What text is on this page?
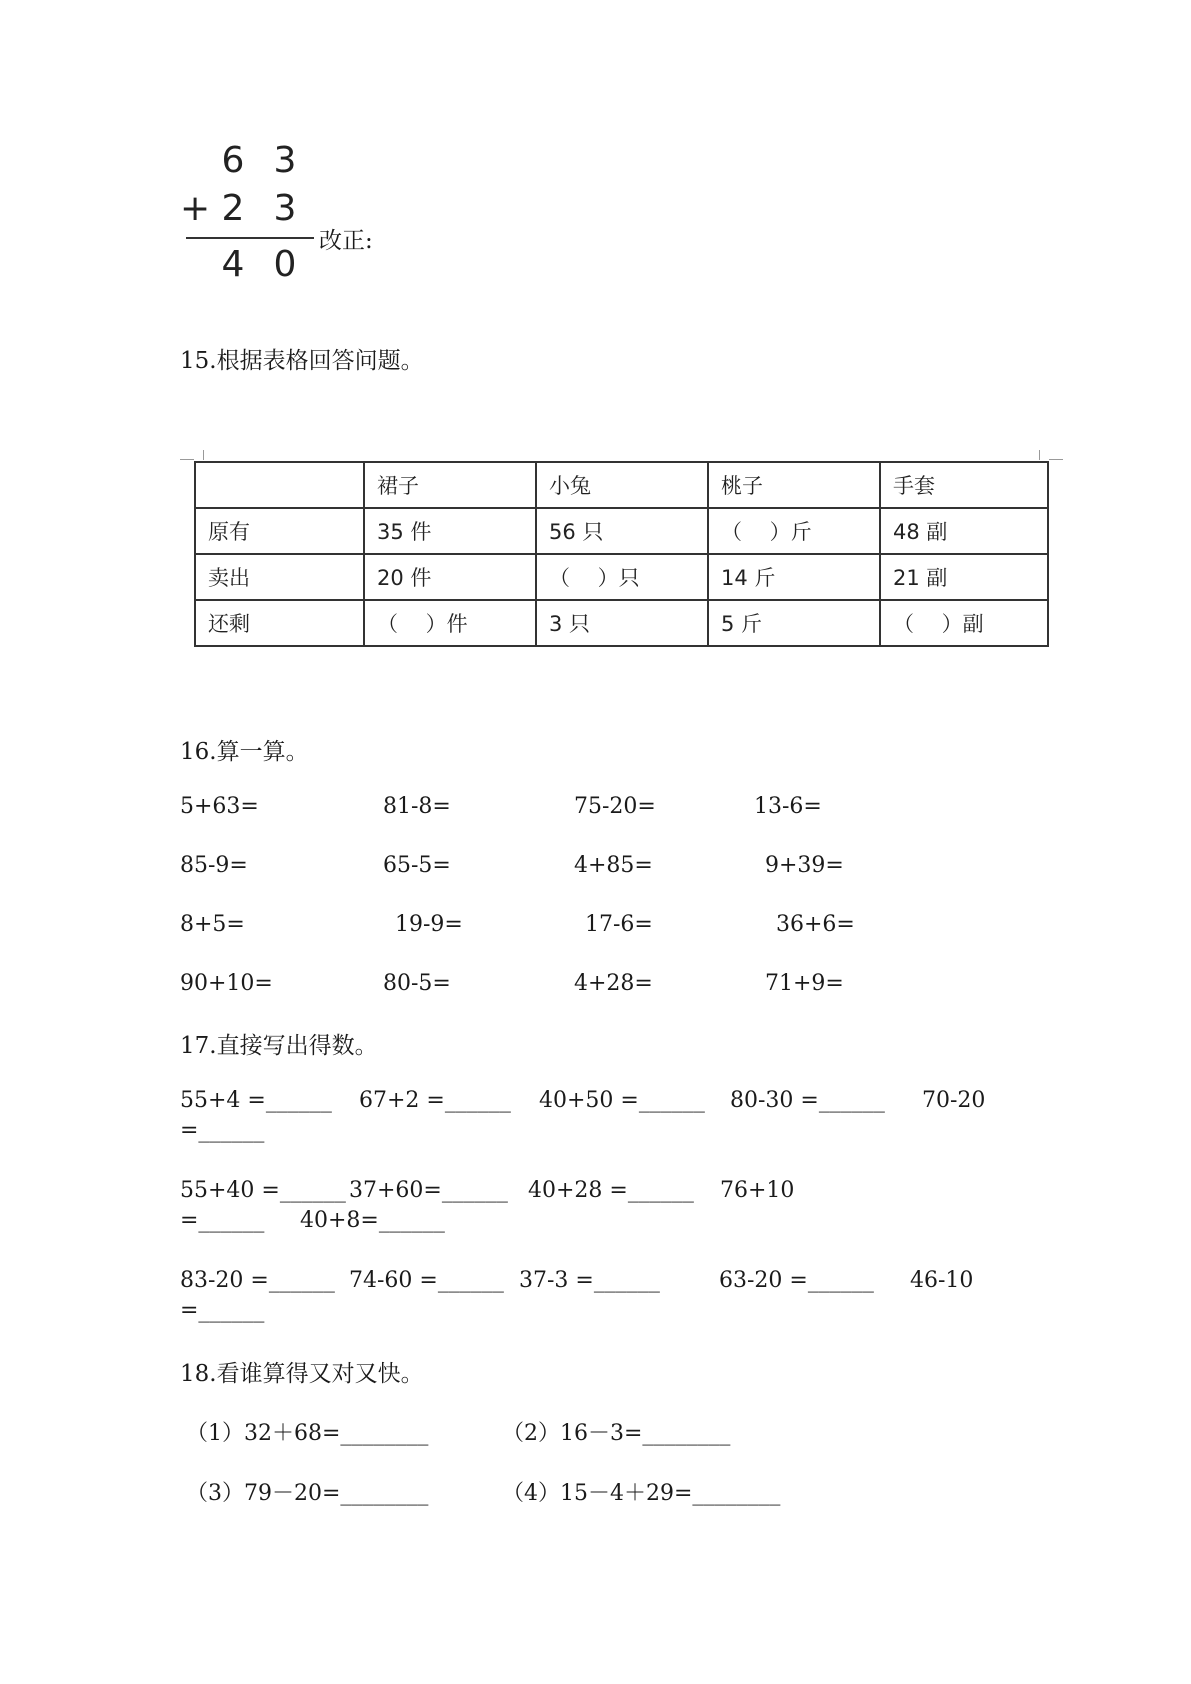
6 3
+ 2 3
4 0
改正:
15.根据表格回答问题。
	裙子	小兔	桃子	手套
原有	35 件	56 只	（　 ）斤	48 副
卖出	20 件	（　 ）只	14 斤	21 副
还剩	（　 ）件	3 只	5 斤	（　 ）副
16.算一算。
5+63=	81-8=	75-20=	13-6=
85-9=	65-5=	4+85=	9+39=
8+5=	19-9=	17-6=	36+6=
90+10=	80-5=	4+28=	71+9=
17.直接写出得数。
55+4 =______ 67+2 =______ 40+50 =______ 80-30 =______ 70-20
=______
55+40 =______ 37+60=______ 40+28 =______ 76+10
=______ 40+8=______
83-20 =______ 74-60 =______ 37-3 =______	63-20 =______ 46-10
=______
18.看谁算得又对又快。
（1）32＋68=________	（2）16－3=________
（3）79－20=________	（4）15－4＋29=________
